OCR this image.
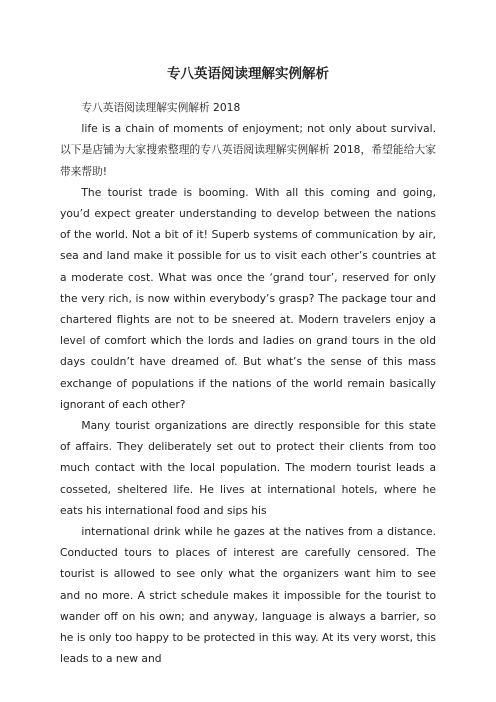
专八英语阅读理解实例解析

专八英语阅读理解实例解析 2018

life is a chain of moments of enjoyment; not only about survival.以下是店铺为大家搜索整理的专八英语阅读理解实例解析 2018，希望能给大家带来帮助!

The tourist trade is booming. With all this coming and going, you’d expect greater understanding to develop between the nations of the world. Not a bit of it! Superb systems of communication by air, sea and land make it possible for us to visit each other’s countries at a moderate cost. What was once the ‘grand tour’, reserved for only the very rich, is now within everybody’s grasp? The package tour and chartered flights are not to be sneered at. Modern travelers enjoy a level of comfort which the lords and ladies on grand tours in the old days couldn’t have dreamed of. But what’s the sense of this mass exchange of populations if the nations of the world remain basically ignorant of each other?

Many tourist organizations are directly responsible for this state of affairs. They deliberately set out to protect their clients from too much contact with the local population. The modern tourist leads a cosseted, sheltered life. He lives at international hotels, where he eats his international food and sips his

international drink while he gazes at the natives from a distance. Conducted tours to places of interest are carefully censored. The tourist is allowed to see only what the organizers want him to see and no more. A strict schedule makes it impossible for the tourist to wander off on his own; and anyway, language is always a barrier, so he is only too happy to be protected in this way. At its very worst, this leads to a new and
